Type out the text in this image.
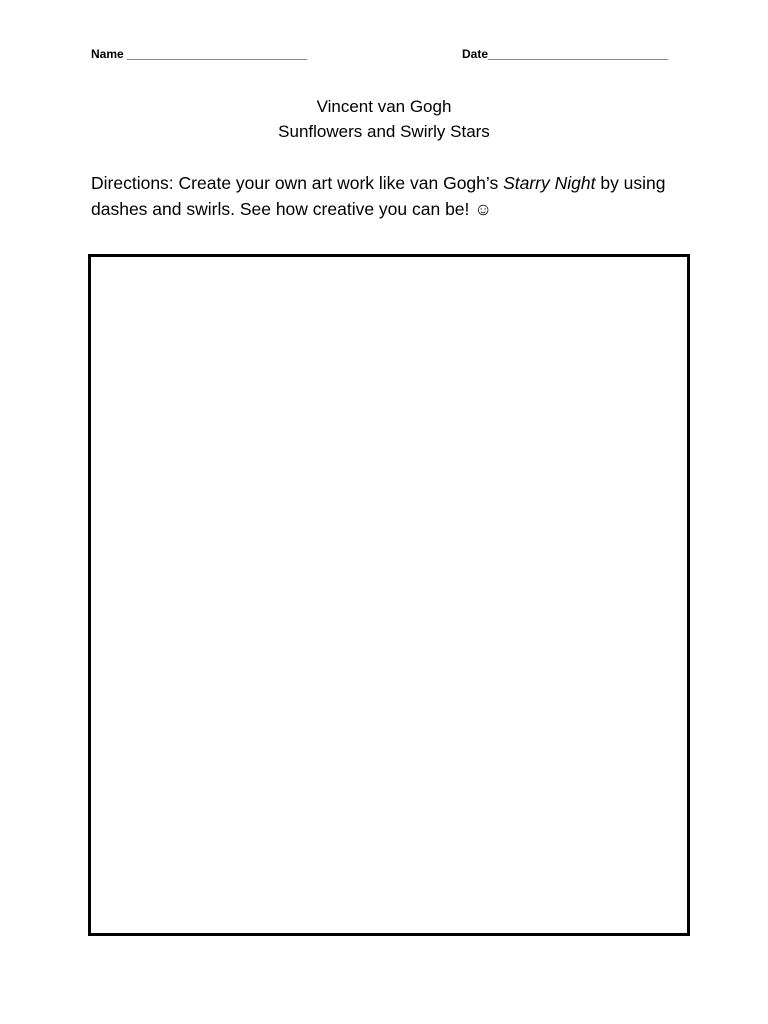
Name ___________________________	Date___________________________
Vincent van Gogh
Sunflowers and Swirly Stars
Directions: Create your own art work like van Gogh’s Starry Night by using dashes and swirls. See how creative you can be! ☺
